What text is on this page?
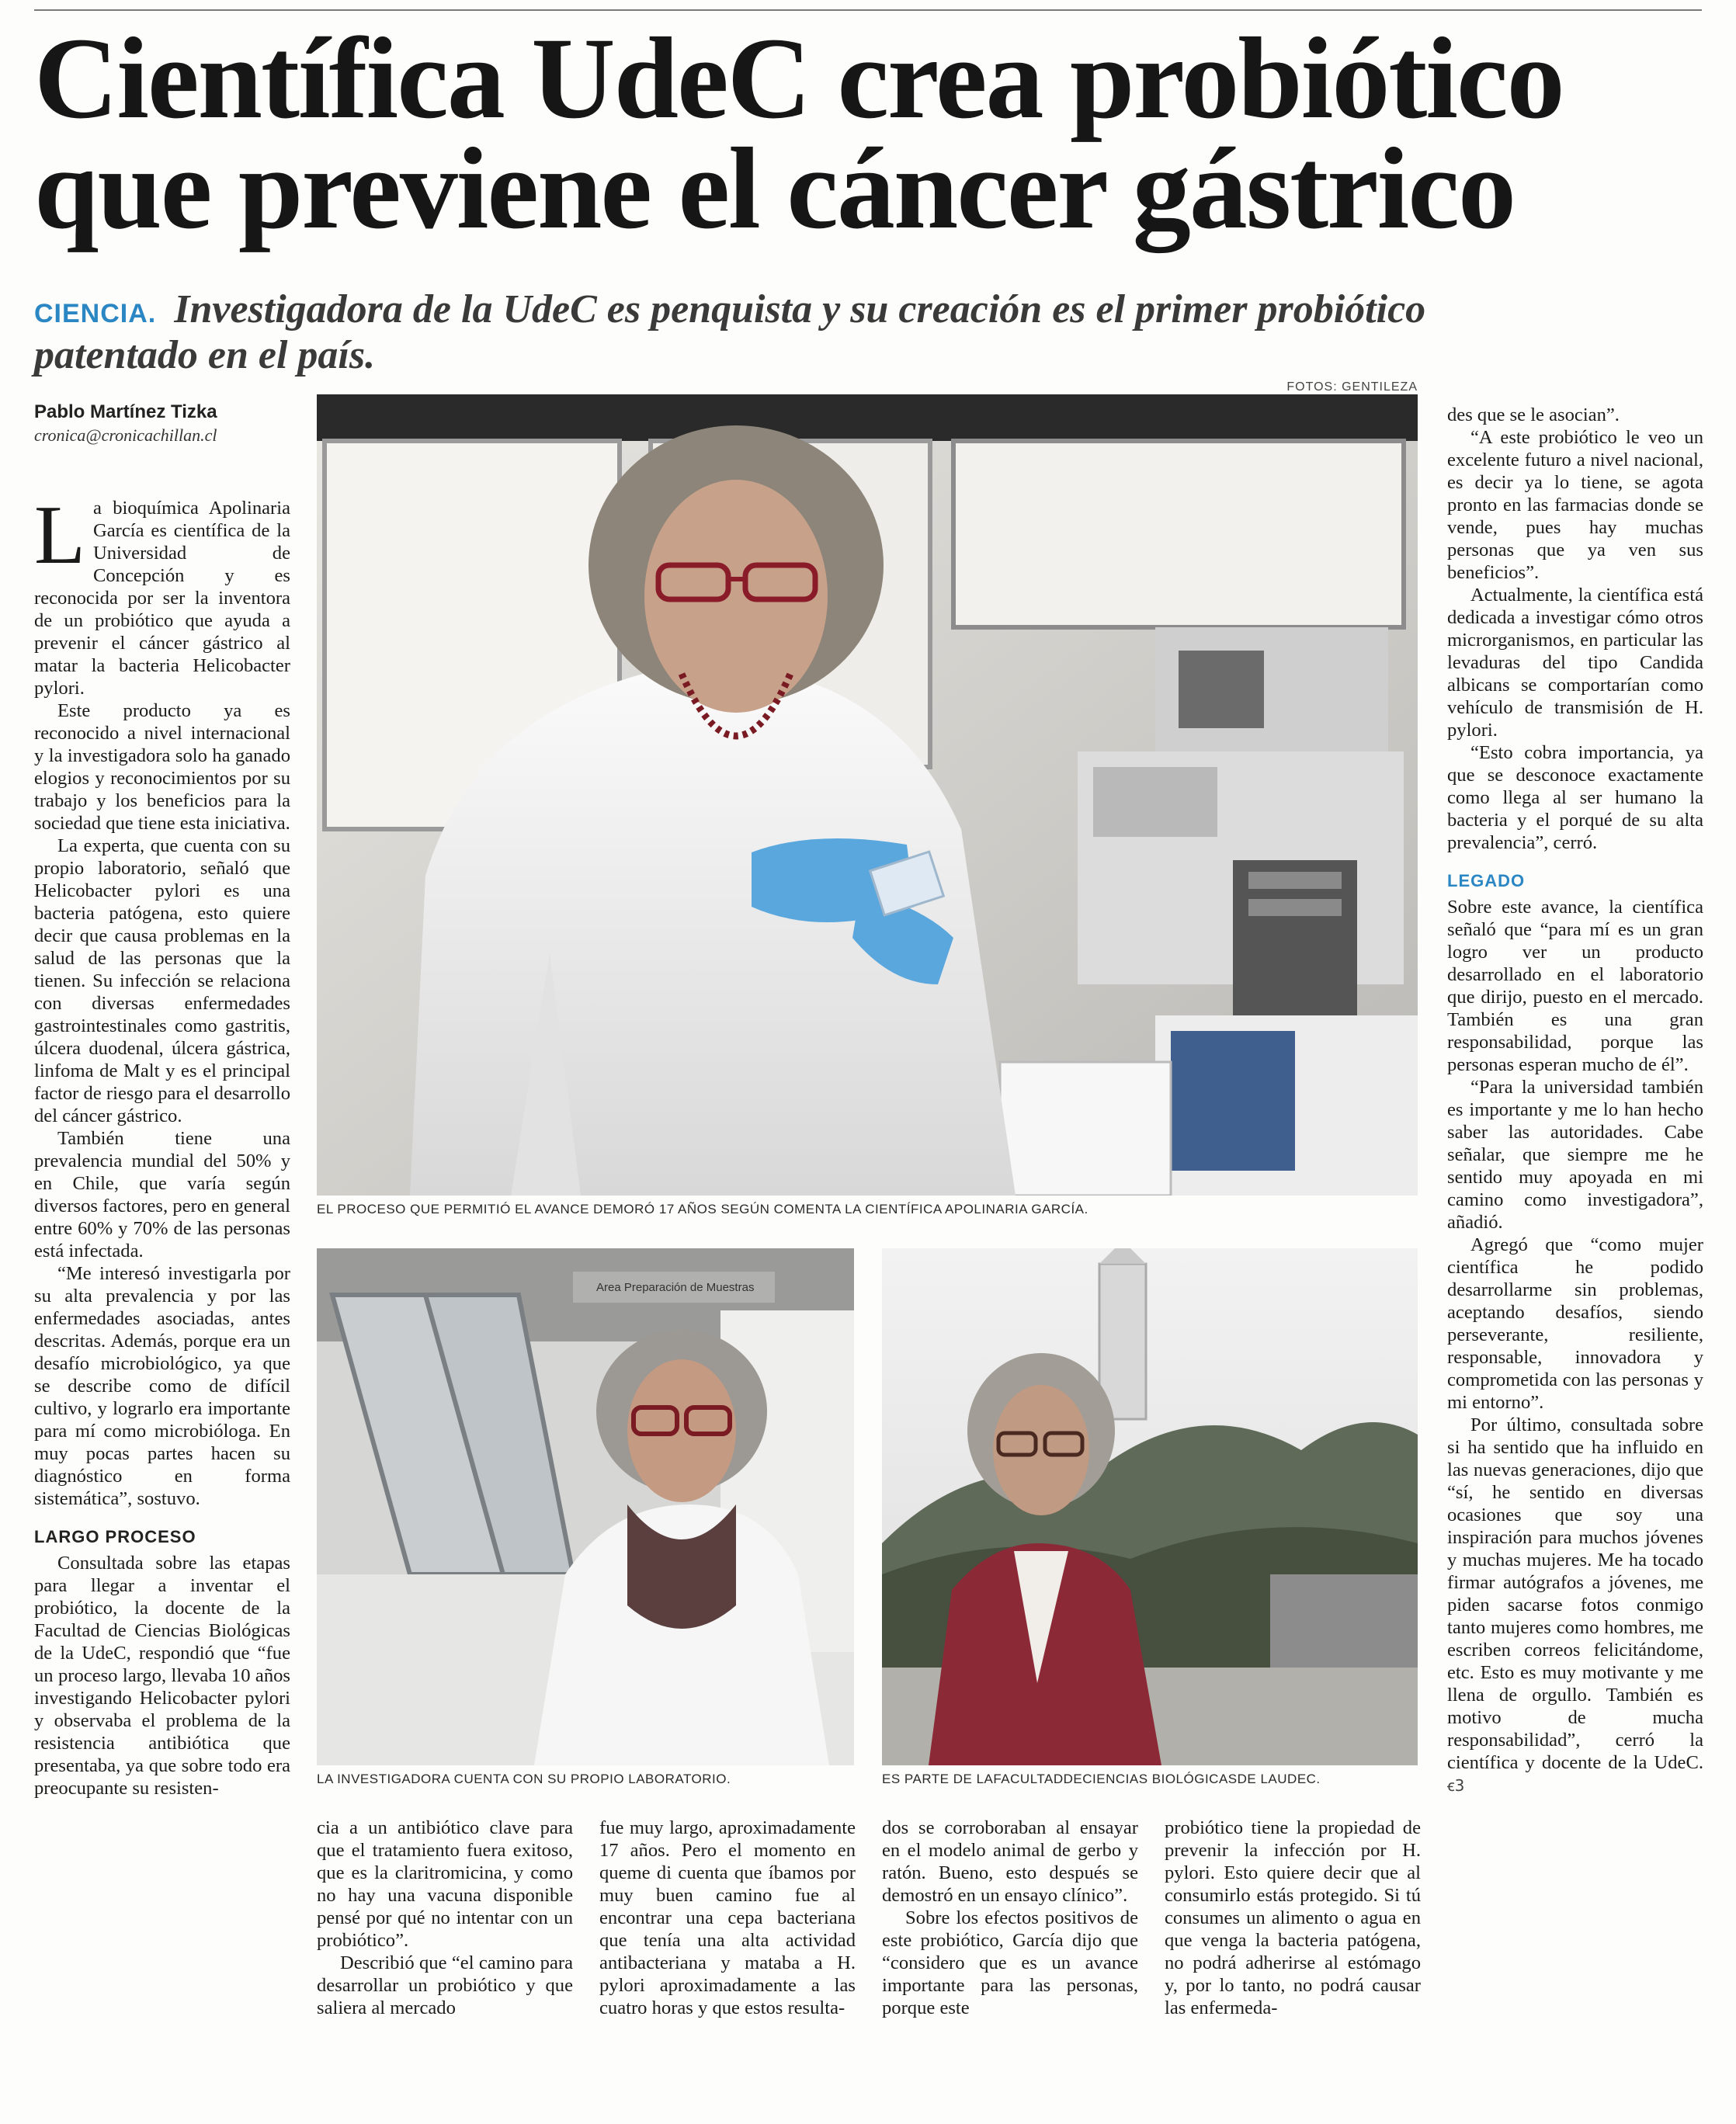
Científica UdeC crea probiótico
que previene el cáncer gástrico

CIENCIA. Investigadora de la UdeC es penquista y su creación es el primer probiótico patentado en el país.

FOTOS: GENTILEZA
Pablo Martínez Tizka
cronica@cronicachillan.cl

La bioquímica Apolinaria García es científica de la Universidad de Concepción y es reconocida por ser la inventora de un probiótico que ayuda a prevenir el cáncer gástrico al matar la bacteria Helicobacter pylori.

Este producto ya es reconocido a nivel internacional y la investigadora solo ha ganado elogios y reconocimientos por su trabajo y los beneficios para la sociedad que tiene esta iniciativa.

La experta, que cuenta con su propio laboratorio, señaló que Helicobacter pylori es una bacteria patógena, esto quiere decir que causa problemas en la salud de las personas que la tienen. Su infección se relaciona con diversas enfermedades gastrointestinales como gastritis, úlcera duodenal, úlcera gástrica, linfoma de Malt y es el principal factor de riesgo para el desarrollo del cáncer gástrico.

También tiene una prevalencia mundial del 50% y en Chile, que varía según diversos factores, pero en general entre 60% y 70% de las personas está infectada.

“Me interesó investigarla por su alta prevalencia y por las enfermedades asociadas, antes descritas. Además, porque era un desafío microbiológico, ya que se describe como de difícil cultivo, y lograrlo era importante para mí como microbióloga. En muy pocas partes hacen su diagnóstico en forma sistemática”, sostuvo.

LARGO PROCESO

Consultada sobre las etapas para llegar a inventar el probiótico, la docente de la Facultad de Ciencias Biológicas de la UdeC, respondió que “fue un proceso largo, llevaba 10 años investigando Helicobacter pylori y observaba el problema de la resistencia antibiótica que presentaba, ya que sobre todo era preocupante su resisten-

EL PROCESO QUE PERMITIÓ EL AVANCE DEMORÓ 17 AÑOS SEGÚN COMENTA LA CIENTÍFICA APOLINARIA GARCÍA.
Area Preparación de Muestras
LA INVESTIGADORA CUENTA CON SU PROPIO LABORATORIO.	ES PARTE DE LAFACULTADDECIENCIAS BIOLÓGICASDE LAUDEC.

cia a un antibiótico clave para que el tratamiento fuera exitoso, que es la claritromicina, y como no hay una vacuna disponible pensé por qué no intentar con un probiótico”.

Describió que “el camino para desarrollar un probiótico y que saliera al mercado

fue muy largo, aproximadamente 17 años. Pero el momento en queme di cuenta que íbamos por muy buen camino fue al encontrar una cepa bacteriana que tenía una alta actividad antibacteriana y mataba a H. pylori aproximadamente a las cuatro horas y que estos resulta-

dos se corroboraban al ensayar en el modelo animal de gerbo y ratón. Bueno, esto después se demostró en un ensayo clínico”.

Sobre los efectos positivos de este probiótico, García dijo que “considero que es un avance importante para las personas, porque este

probiótico tiene la propiedad de prevenir la infección por H. pylori. Esto quiere decir que al consumirlo estás protegido. Si tú consumes un alimento o agua en que venga la bacteria patógena, no podrá adherirse al estómago y, por lo tanto, no podrá causar las enfermeda-

des que se le asocian”.

“A este probiótico le veo un excelente futuro a nivel nacional, es decir ya lo tiene, se agota pronto en las farmacias donde se vende, pues hay muchas personas que ya ven sus beneficios”.

Actualmente, la científica está dedicada a investigar cómo otros microrganismos, en particular las levaduras del tipo Candida albicans se comportarían como vehículo de transmisión de H. pylori.

“Esto cobra importancia, ya que se desconoce exactamente como llega al ser humano la bacteria y el porqué de su alta prevalencia”, cerró.

LEGADO

Sobre este avance, la científica señaló que “para mí es un gran logro ver un producto desarrollado en el laboratorio que dirijo, puesto en el mercado. También es una gran responsabilidad, porque las personas esperan mucho de él”.

“Para la universidad también es importante y me lo han hecho saber las autoridades. Cabe señalar, que siempre me he sentido muy apoyada en mi camino como investigadora”, añadió.

Agregó que “como mujer científica he podido desarrollarme sin problemas, aceptando desafíos, siendo perseverante, resiliente, responsable, innovadora y comprometida con las personas y mi entorno”.

Por último, consultada sobre si ha sentido que ha influido en las nuevas generaciones, dijo que “sí, he sentido en diversas ocasiones que soy una inspiración para muchos jóvenes y muchas mujeres. Me ha tocado firmar autógrafos a jóvenes, me piden sacarse fotos conmigo tanto mujeres como hombres, me escriben correos felicitándome, etc. Esto es muy motivante y me llena de orgullo. También es motivo de mucha responsabilidad”, cerró la científica y docente de la UdeC. ꞓ3
